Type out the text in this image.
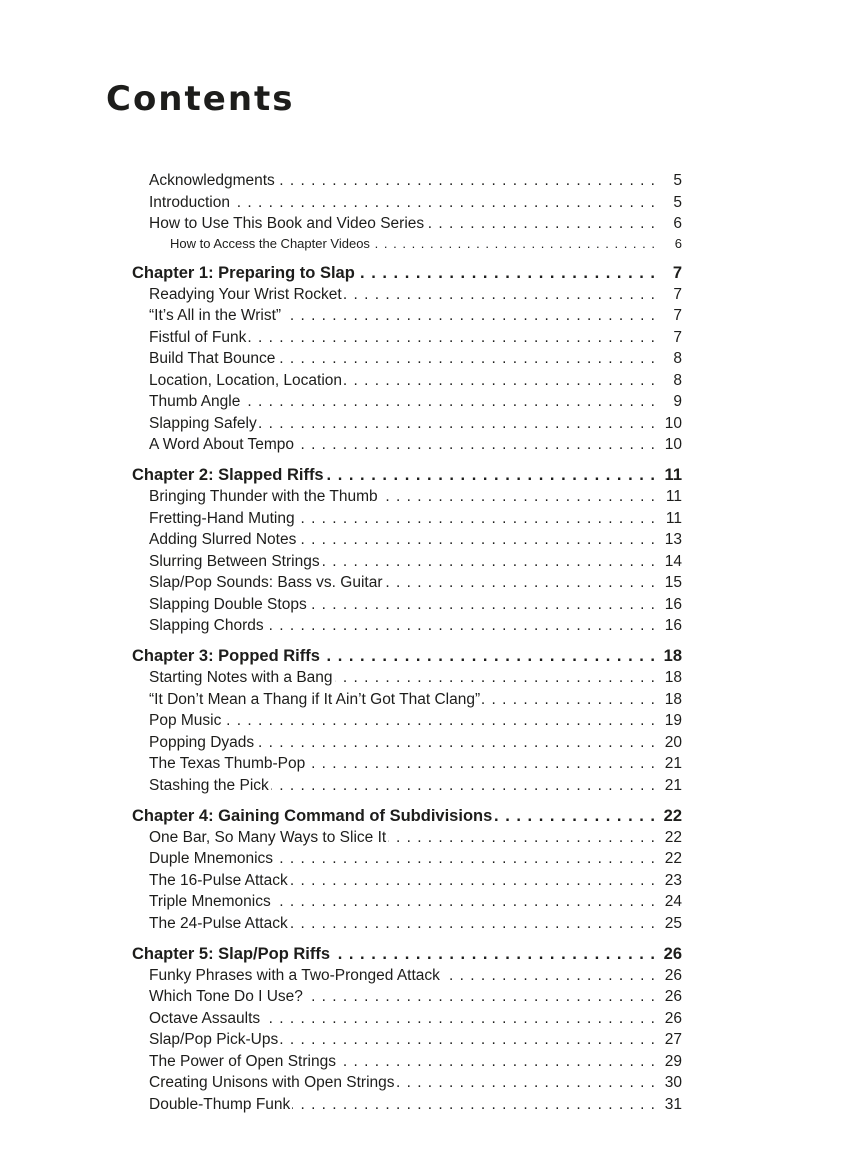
Contents
Acknowledgments . . .	5
Introduction . . .	5
How to Use This Book and Video Series . . .	6
How to Access the Chapter Videos . . .	6
Chapter 1: Preparing to Slap . . .	7
Readying Your Wrist Rocket . . .	7
“It’s All in the Wrist” . . .	7
Fistful of Funk . . .	7
Build That Bounce . . .	8
Location, Location, Location . . .	8
Thumb Angle . . .	9
Slapping Safely . . .	10
A Word About Tempo . . .	10
Chapter 2: Slapped Riffs . . .	11
Bringing Thunder with the Thumb . . .	11
Fretting-Hand Muting . . .	11
Adding Slurred Notes . . .	13
Slurring Between Strings . . .	14
Slap/Pop Sounds: Bass vs. Guitar . . .	15
Slapping Double Stops . . .	16
Slapping Chords . . .	16
Chapter 3: Popped Riffs . . .	18
Starting Notes with a Bang . . .	18
“It Don’t Mean a Thang if It Ain’t Got That Clang” . . .	18
Pop Music . . .	19
Popping Dyads . . .	20
The Texas Thumb-Pop . . .	21
Stashing the Pick . . .	21
Chapter 4: Gaining Command of Subdivisions . . .	22
One Bar, So Many Ways to Slice It . . .	22
Duple Mnemonics . . .	22
The 16-Pulse Attack . . .	23
Triple Mnemonics . . .	24
The 24-Pulse Attack . . .	25
Chapter 5: Slap/Pop Riffs . . .	26
Funky Phrases with a Two-Pronged Attack . . .	26
Which Tone Do I Use? . . .	26
Octave Assaults . . .	26
Slap/Pop Pick-Ups . . .	27
The Power of Open Strings . . .	29
Creating Unisons with Open Strings . . .	30
Double-Thump Funk . . .	31
